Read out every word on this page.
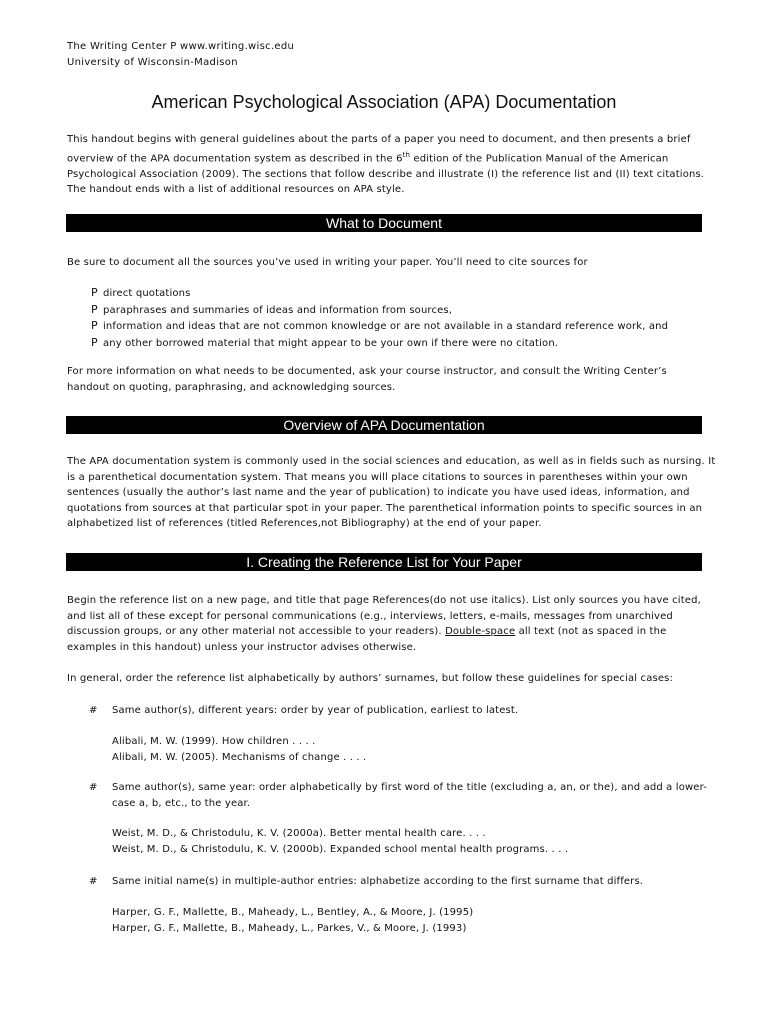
The Writing Center P www.writing.wisc.edu
University of Wisconsin-Madison
American Psychological Association (APA) Documentation
This handout begins with general guidelines about the parts of a paper you need to document, and then presents a brief
overview of the APA documentation system as described in the 6th edition of the Publication Manual of the American
Psychological Association (2009). The sections that follow describe and illustrate (I) the reference list and (II) text citations.
The handout ends with a list of additional resources on APA style.
What to Document
Be sure to document all the sources you’ve used in writing your paper. You’ll need to cite sources for
P direct quotations
P paraphrases and summaries of ideas and information from sources,
P information and ideas that are not common knowledge or are not available in a standard reference work, and
P any other borrowed material that might appear to be your own if there were no citation.
For more information on what needs to be documented, ask your course instructor, and consult the Writing Center’s
handout on quoting, paraphrasing, and acknowledging sources.
Overview of APA Documentation
The APA documentation system is commonly used in the social sciences and education, as well as in fields such as nursing. It
is a parenthetical documentation system. That means you will place citations to sources in parentheses within your own
sentences (usually the author’s last name and the year of publication) to indicate you have used ideas, information, and
quotations from sources at that particular spot in your paper. The parenthetical information points to specific sources in an
alphabetized list of references (titled References,not Bibliography) at the end of your paper.
I. Creating the Reference List for Your Paper
Begin the reference list on a new page, and title that page References(do not use italics). List only sources you have cited,
and list all of these except for personal communications (e.g., interviews, letters, e-mails, messages from unarchived
discussion groups, or any other material not accessible to your readers). Double-space all text (not as spaced in the
examples in this handout) unless your instructor advises otherwise.
In general, order the reference list alphabetically by authors’ surnames, but follow these guidelines for special cases:
# Same author(s), different years: order by year of publication, earliest to latest.
Alibali, M. W. (1999). How children . . . .
Alibali, M. W. (2005). Mechanisms of change . . . .
# Same author(s), same year: order alphabetically by first word of the title (excluding a, an, or the), and add a lower-
case a, b, etc., to the year.
Weist, M. D., & Christodulu, K. V. (2000a). Better mental health care. . . .
Weist, M. D., & Christodulu, K. V. (2000b). Expanded school mental health programs. . . .
# Same initial name(s) in multiple-author entries: alphabetize according to the first surname that differs.
Harper, G. F., Mallette, B., Maheady, L., Bentley, A., & Moore, J. (1995)
Harper, G. F., Mallette, B., Maheady, L., Parkes, V., & Moore, J. (1993)
